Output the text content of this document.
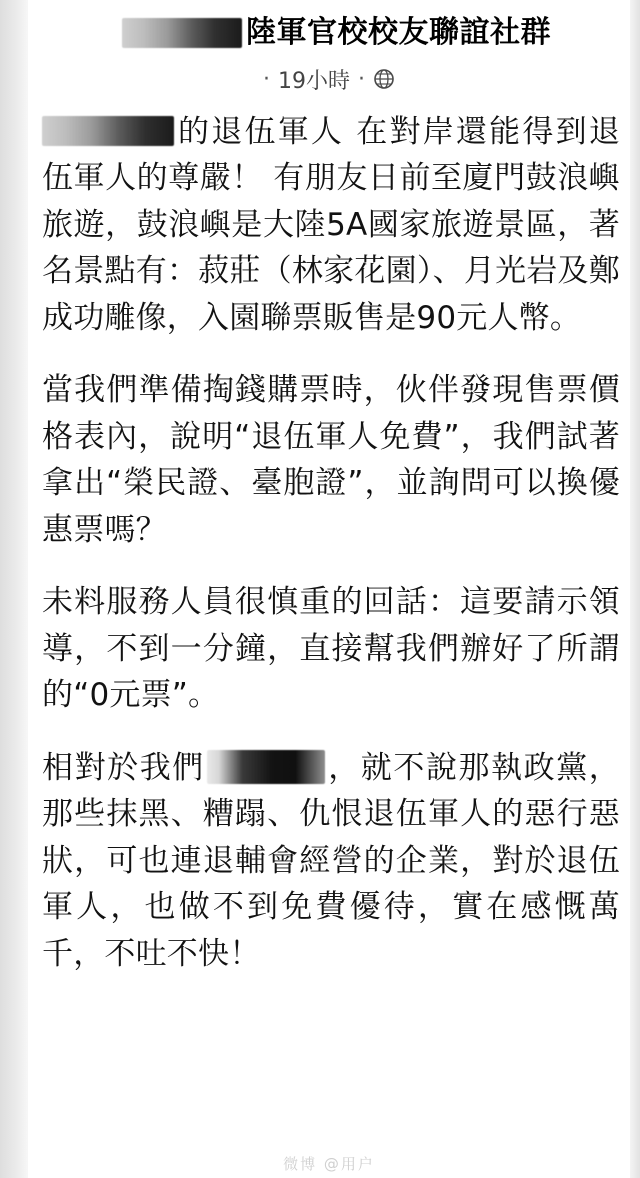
陸軍官校校友聯誼社群
· 19小時 ·

的退伍軍人 在對岸還能得到退伍軍人的尊嚴！ 有朋友日前至廈門鼓浪嶼旅遊，鼓浪嶼是大陸5A國家旅遊景區，著名景點有：菽莊（林家花園）、月光岩及鄭成功雕像，入園聯票販售是90元人幣。

當我們準備掏錢購票時，伙伴發現售票價格表內，說明“退伍軍人免費”，我們試著拿出“榮民證、臺胞證”，並詢問可以換優惠票嗎？

未料服務人員很慎重的回話：這要請示領導，不到一分鐘，直接幫我們辦好了所謂的“0元票”。

相對於我們	，就不說那執政黨，那些抹黑、糟蹋、仇恨退伍軍人的惡行惡狀，可也連退輔會經營的企業，對於退伍軍人，也做不到免費優待，實在感慨萬千，不吐不快！

微博 @用户
